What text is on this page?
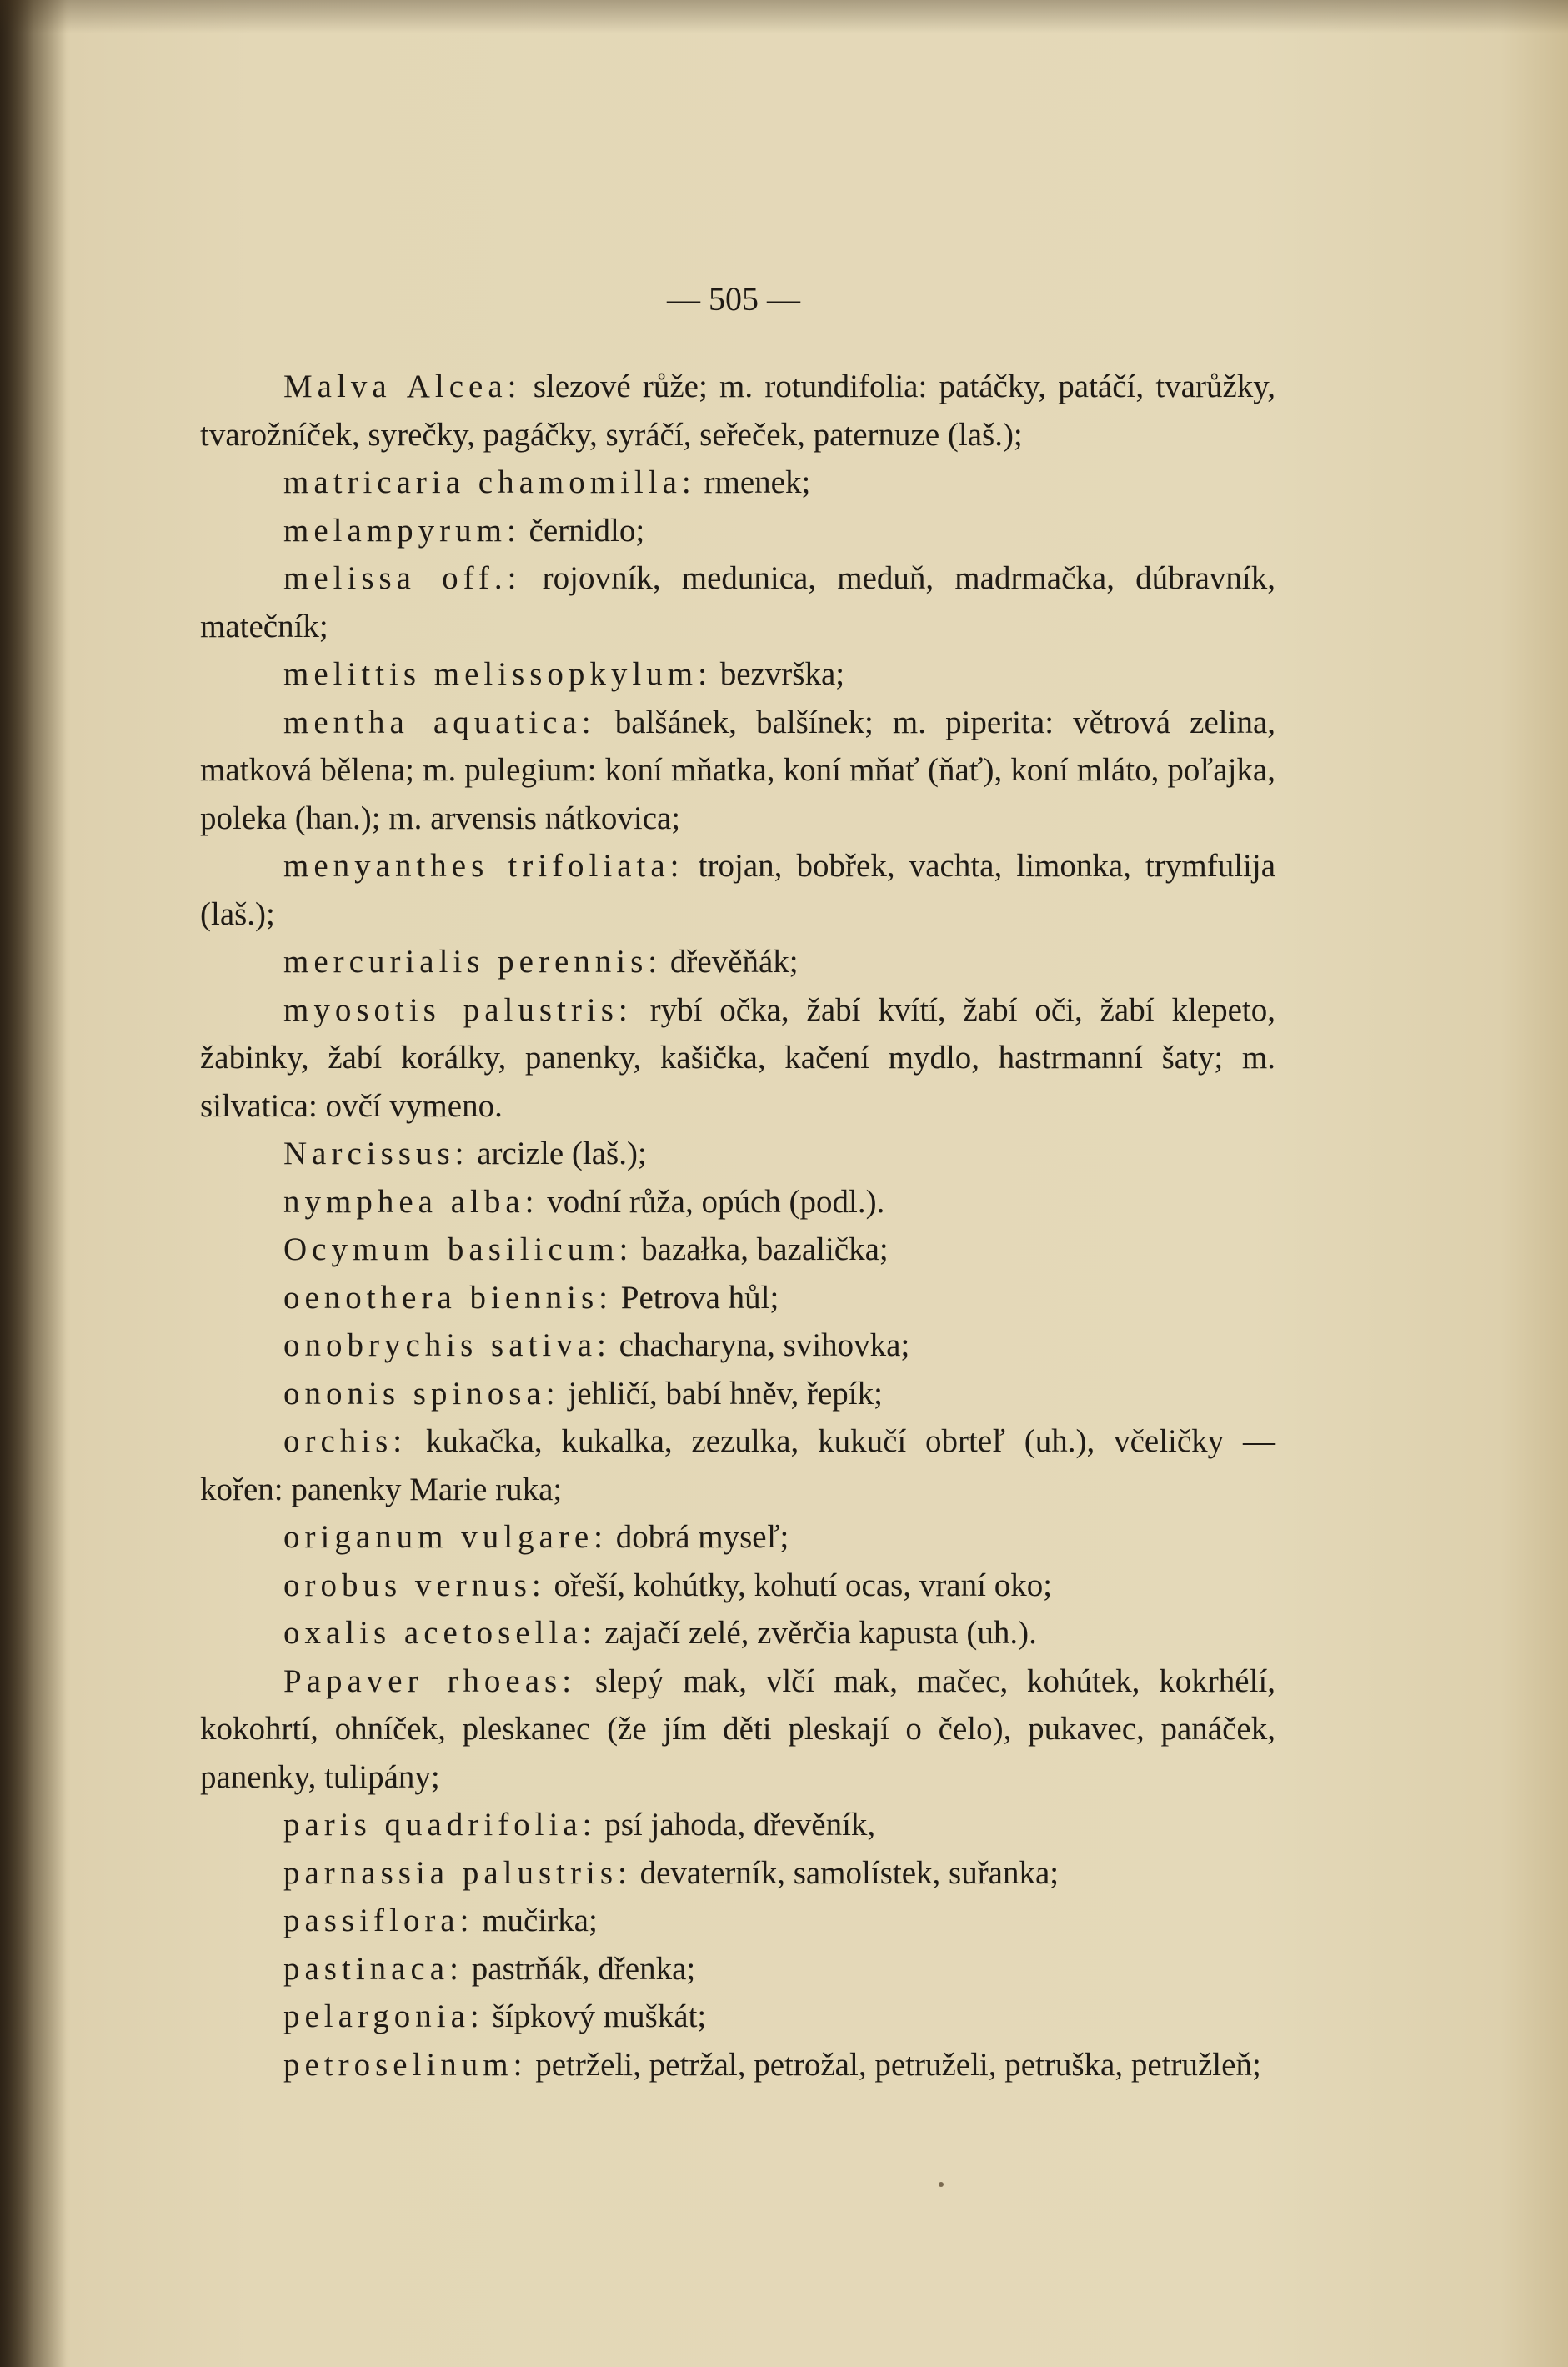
— 505 —

Malva Alcea: slezové růže; m. rotundifolia: patáčky, patáčí, tvarůžky, tvarožníček, syrečky, pagáčky, syráčí, seřeček, paternuze (laš.);

matricaria chamomilla: rmenek;

melampyrum: černidlo;

melissa off.: rojovník, medunica, meduň, madrmačka, dúbravník, matečník;

melittis melissopkylum: bezvrška;

mentha aquatica: balšánek, balšínek; m. piperita: větrová zelina, matková bělena; m. pulegium: koní mňatka, koní mňať (ňať), koní mláto, poľajka, poleka (han.); m. arvensis nátkovica;

menyanthes trifoliata: trojan, bobřek, vachta, limonka, trymfulija (laš.);

mercurialis perennis: dřevěňák;

myosotis palustris: rybí očka, žabí kvítí, žabí oči, žabí klepeto, žabinky, žabí korálky, panenky, kašička, kačení mydlo, hastrmanní šaty; m. silvatica: ovčí vymeno.

Narcissus: arcizle (laš.);

nymphea alba: vodní růža, opúch (podl.).

Ocymum basilicum: bazałka, bazalička;

oenothera biennis: Petrova hůl;

onobrychis sativa: chacharyna, svihovka;

ononis spinosa: jehličí, babí hněv, řepík;

orchis: kukačka, kukalka, zezulka, kukučí obrteľ (uh.), včeličky — kořen: panenky Marie ruka;

origanum vulgare: dobrá myseľ;

orobus vernus: ořeší, kohútky, kohutí ocas, vraní oko;

oxalis acetosella: zajačí zelé, zvěrčia kapusta (uh.).

Papaver rhoeas: slepý mak, vlčí mak, mačec, kohútek, kokrhélí, kokohrtí, ohníček, pleskanec (že jím děti pleskají o čelo), pukavec, panáček, panenky, tulipány;

paris quadrifolia: psí jahoda, dřevěník,

parnassia palustris: devaterník, samolístek, suřanka;

passiflora: mučirka;

pastinaca: pastrňák, dřenka;

pelargonia: šípkový muškát;

petroselinum: petrželi, petržal, petrožal, petruželi, petruška, petružleň;
